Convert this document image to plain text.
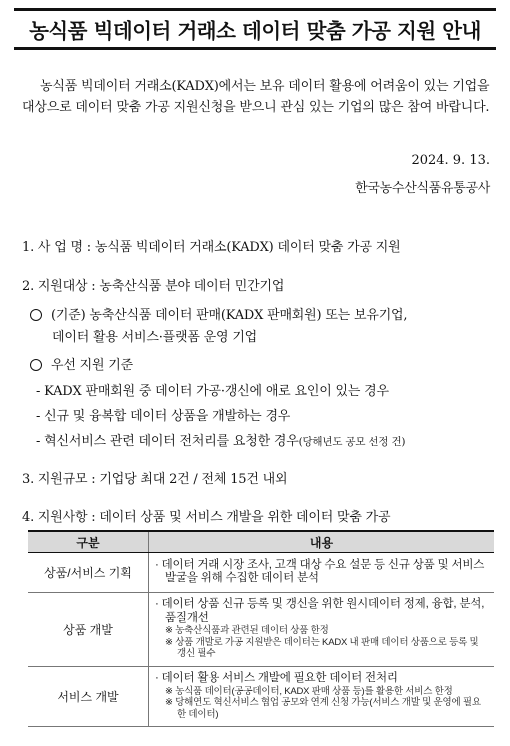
농식품 빅데이터 거래소 데이터 맞춤 가공 지원 안내
농식품 빅데이터 거래소(KADX)에서는 보유 데이터 활용에 어려움이 있는 기업을 대상으로 데이터 맞춤 가공 지원신청을 받으니 관심 있는 기업의 많은 참여 바랍니다.
2024. 9. 13.
한국농수산식품유통공사
1. 사 업 명 : 농식품 빅데이터 거래소(KADX) 데이터 맞춤 가공 지원
2. 지원대상 : 농축산식품 분야 데이터 민간기업
(기준) 농축산식품 데이터 판매(KADX 판매회원) 또는 보유기업,
데이터 활용 서비스·플랫폼 운영 기업
우선 지원 기준
- KADX 판매회원 중 데이터 가공·갱신에 애로 요인이 있는 경우
- 신규 및 융복합 데이터 상품을 개발하는 경우
- 혁신서비스 관련 데이터 전처리를 요청한 경우(당해년도 공모 선정 건)
3. 지원규모 : 기업당 최대 2건 / 전체 15건 내외
4. 지원사항 : 데이터 상품 및 서비스 개발을 위한 데이터 맞춤 가공
구분	내용
상품/서비스 기획	· 데이터 거래 시장 조사, 고객 대상 수요 설문 등 신규 상품 및 서비스 발굴을 위해 수집한 데이터 분석

상품 개발	· 데이터 상품 신규 등록 및 갱신을 위한 원시데이터 정제, 융합, 분석, 품질개선
※ 농축산식품과 관련된 데이터 상품 한정
※ 상품 개발로 가공 지원받은 데이터는 KADX 내 판매 데이터 상품으로 등록 및 갱신 필수

서비스 개발	· 데이터 활용 서비스 개발에 필요한 데이터 전처리
※ 농식품 데이터(공공데이터, KADX 판매 상품 등)를 활용한 서비스 한정
※ 당해연도 혁신서비스 협업 공모와 연계 신청 가능(서비스 개발 및 운영에 필요한 데이터)
